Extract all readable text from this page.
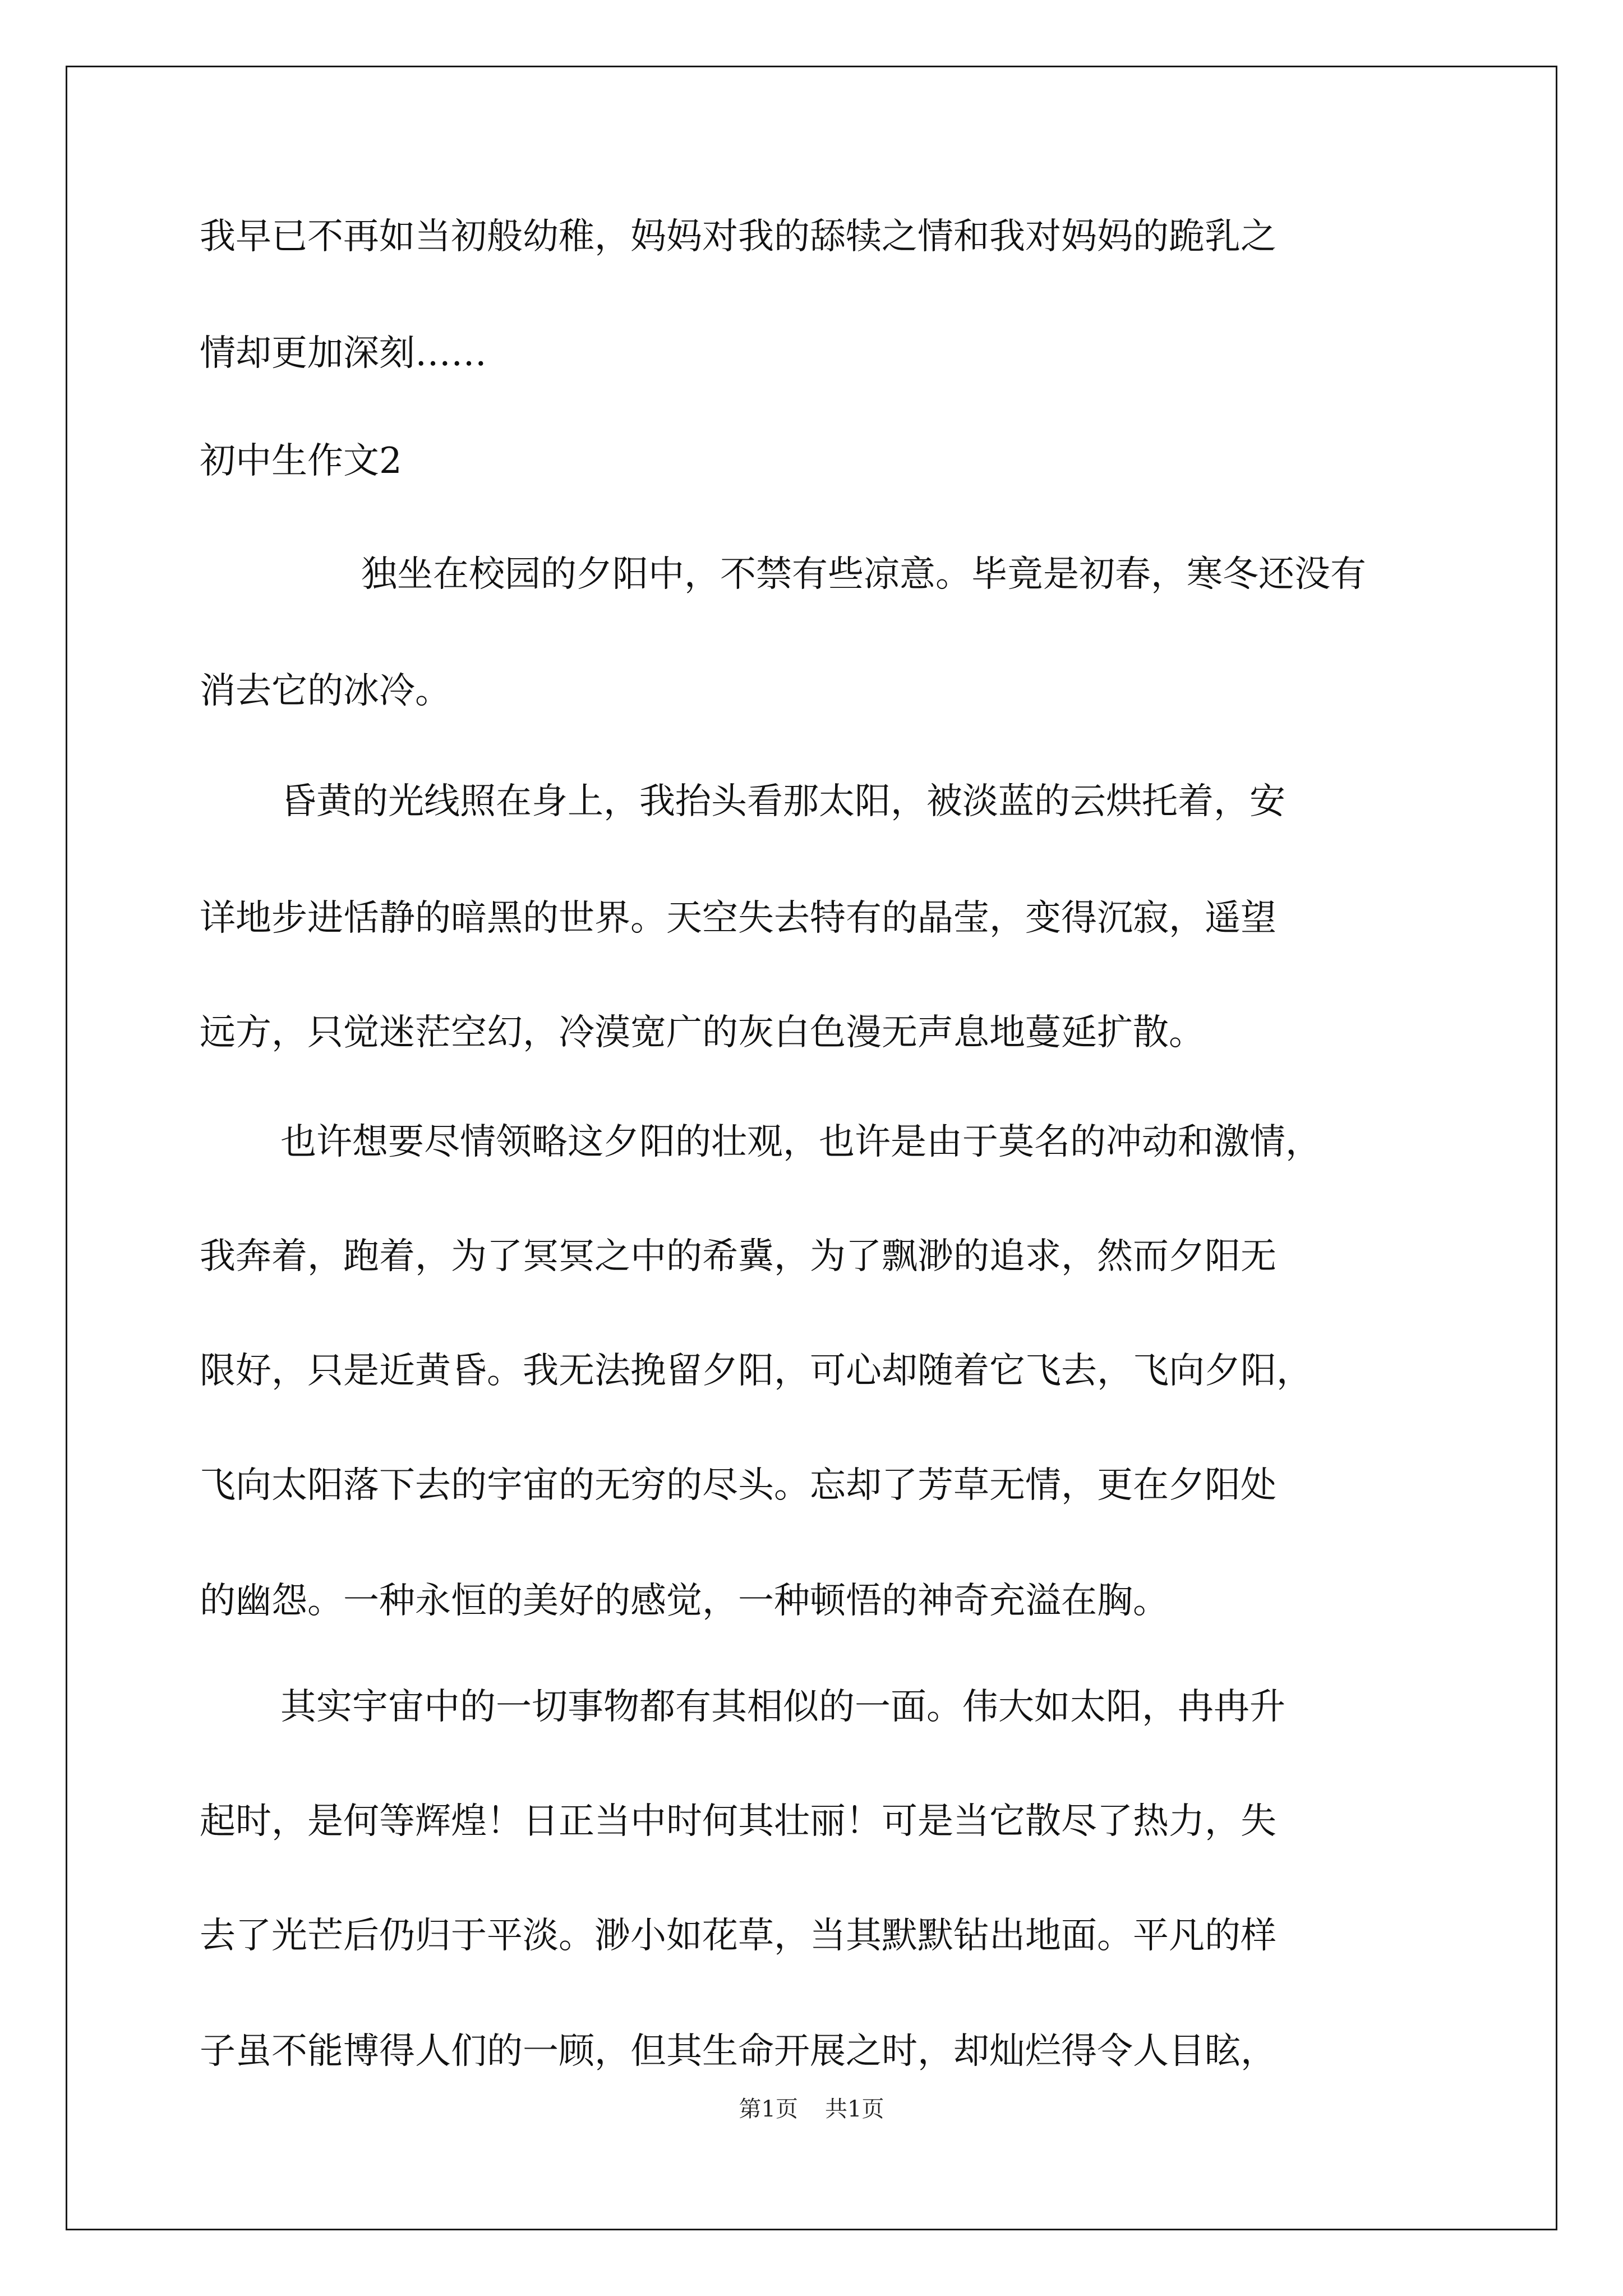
我早已不再如当初般幼稚，妈妈对我的舔犊之情和我对妈妈的跪乳之
情却更加深刻……
初中生作文2
独坐在校园的夕阳中，不禁有些凉意。毕竟是初春，寒冬还没有
消去它的冰冷。
昏黄的光线照在身上，我抬头看那太阳，被淡蓝的云烘托着，安
详地步进恬静的暗黑的世界。天空失去特有的晶莹，变得沉寂，遥望
远方，只觉迷茫空幻，冷漠宽广的灰白色漫无声息地蔓延扩散。
也许想要尽情领略这夕阳的壮观，也许是由于莫名的冲动和激情，
我奔着，跑着，为了冥冥之中的希冀，为了飘渺的追求，然而夕阳无
限好，只是近黄昏。我无法挽留夕阳，可心却随着它飞去，飞向夕阳，
飞向太阳落下去的宇宙的无穷的尽头。忘却了芳草无情，更在夕阳处
的幽怨。一种永恒的美好的感觉，一种顿悟的神奇充溢在胸。
其实宇宙中的一切事物都有其相似的一面。伟大如太阳，冉冉升
起时，是何等辉煌！日正当中时何其壮丽！可是当它散尽了热力，失
去了光芒后仍归于平淡。渺小如花草，当其默默钻出地面。平凡的样
子虽不能博得人们的一顾，但其生命开展之时，却灿烂得令人目眩，
第1页 共1页
